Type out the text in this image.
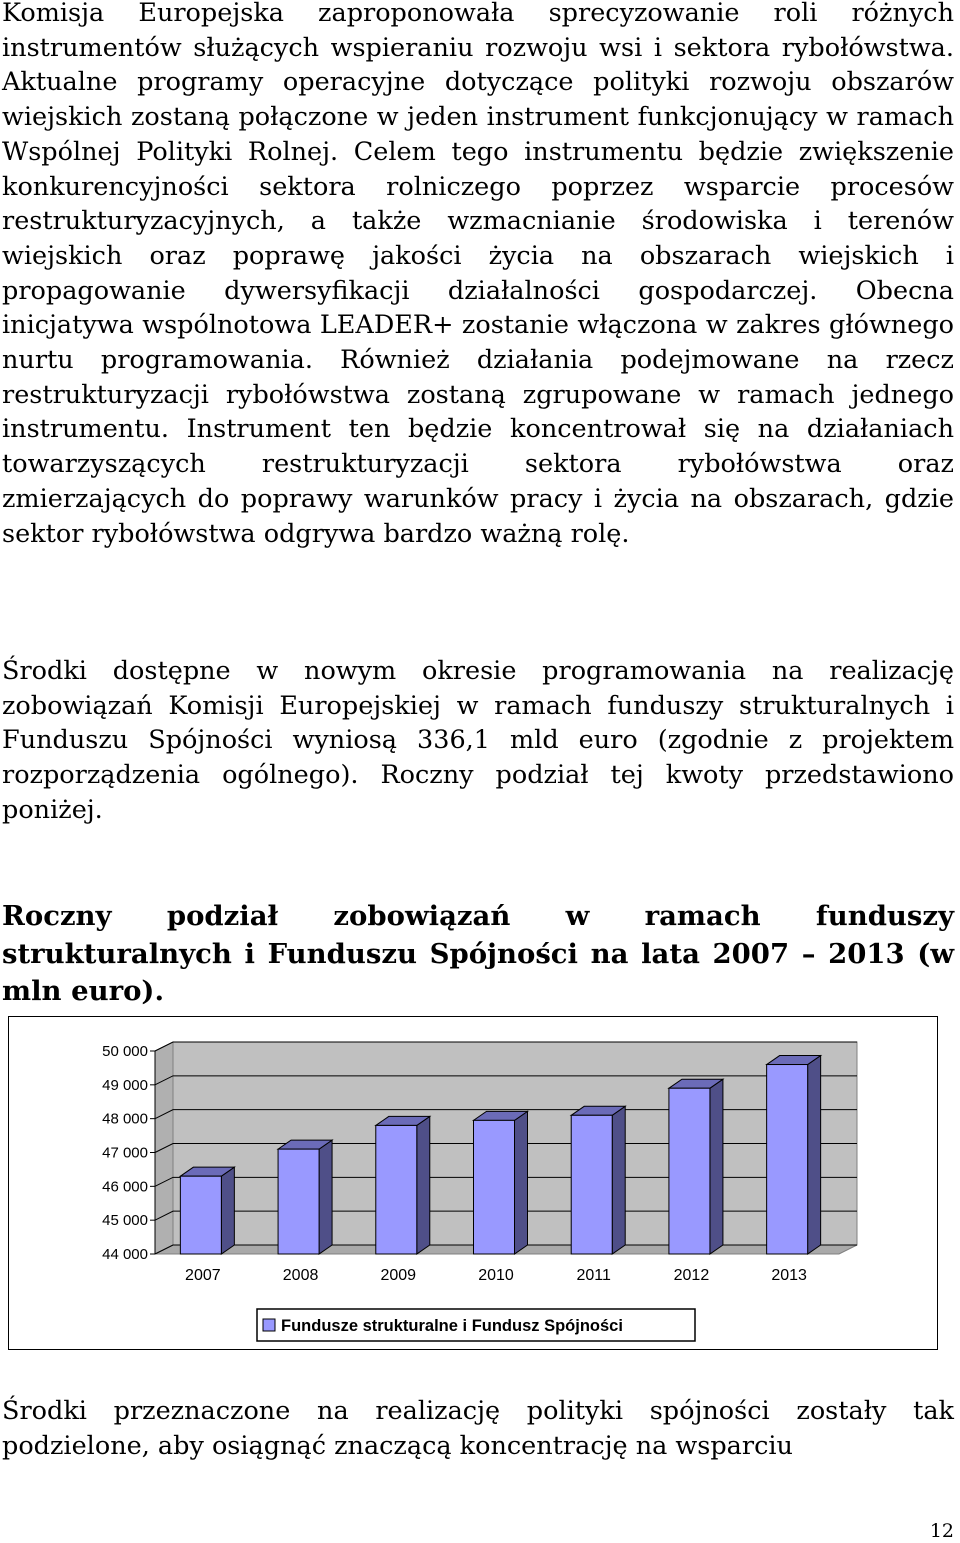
Komisja Europejska zaproponowała sprecyzowanie roli różnych instrumentów służących wspieraniu rozwoju wsi i sektora rybołówstwa. Aktualne programy operacyjne dotyczące polityki rozwoju obszarów wiejskich zostaną połączone w jeden instrument funkcjonujący w ramach Wspólnej Polityki Rolnej. Celem tego instrumentu będzie zwiększenie konkurencyjności sektora rolniczego poprzez wsparcie procesów restrukturyzacyjnych, a także wzmacnianie środowiska i terenów wiejskich oraz poprawę jakości życia na obszarach wiejskich i propagowanie dywersyfikacji działalności gospodarczej. Obecna inicjatywa wspólnotowa LEADER+ zostanie włączona w zakres głównego nurtu programowania. Również działania podejmowane na rzecz restrukturyzacji rybołówstwa zostaną zgrupowane w ramach jednego instrumentu. Instrument ten będzie koncentrował się na działaniach towarzyszących restrukturyzacji sektora rybołówstwa oraz zmierzających do poprawy warunków pracy i życia na obszarach, gdzie sektor rybołówstwa odgrywa bardzo ważną rolę.

Środki dostępne w nowym okresie programowania na realizację zobowiązań Komisji Europejskiej w ramach funduszy strukturalnych i Funduszu Spójności wyniosą 336,1 mld euro (zgodnie z projektem rozporządzenia ogólnego). Roczny podział tej kwoty przedstawiono poniżej.

Roczny podział zobowiązań w ramach funduszy strukturalnych i Funduszu Spójności na lata 2007 – 2013 (w mln euro).

44 000
45 000
46 000
47 000
48 000
49 000
50 000
2007	2008	2009	2010	2011	2012	2013
Fundusze strukturalne i Fundusz Spójności

Środki przeznaczone na realizację polityki spójności zostały tak podzielone, aby osiągnąć znaczącą koncentrację na wsparciu

12
